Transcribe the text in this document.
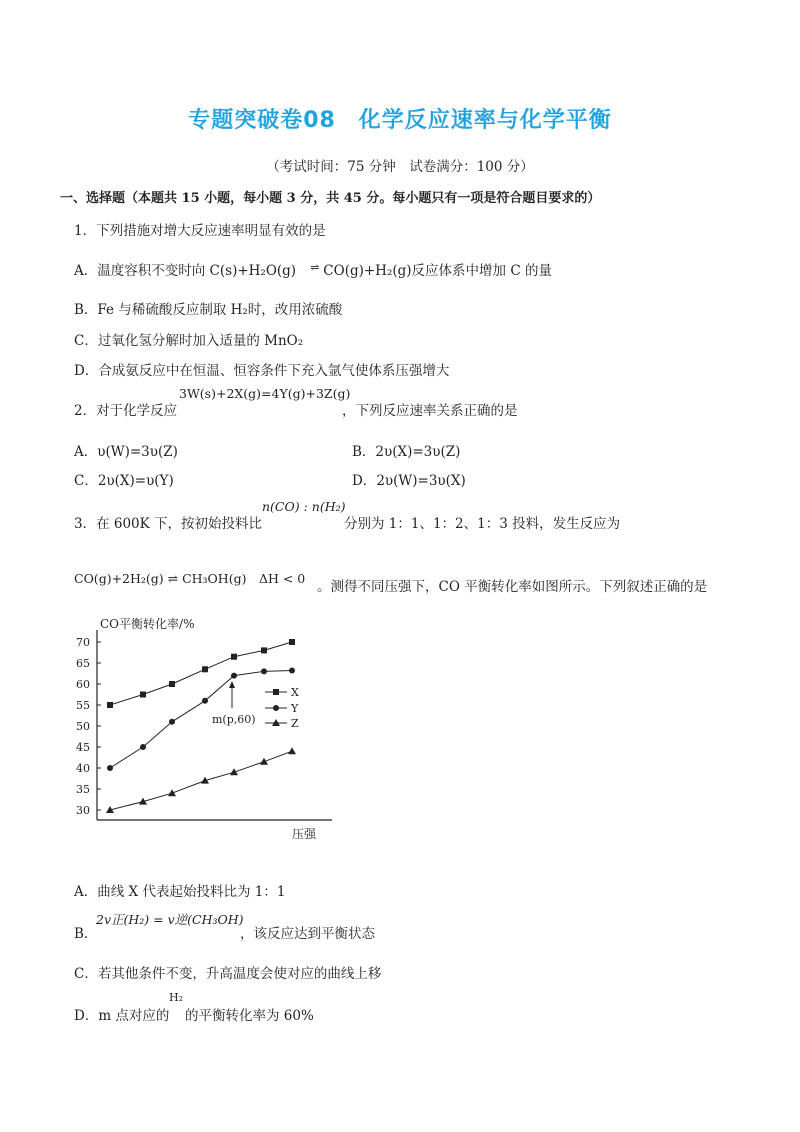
专题突破卷08　化学反应速率与化学平衡
（考试时间：75 分钟　试卷满分：100 分）
一、选择题（本题共 15 小题，每小题 3 分，共 45 分。每小题只有一项是符合题目要求的）
1．下列措施对增大反应速率明显有效的是
A．温度容积不变时向 C(s)+H₂O(g) ⇌ CO(g)+H₂(g)反应体系中增加 C 的量
B．Fe 与稀硫酸反应制取 H₂时，改用浓硫酸
C．过氧化氢分解时加入适量的 MnO₂
D．合成氨反应中在恒温、恒容条件下充入氩气使体系压强增大
3W(s)+2X(g)=4Y(g)+3Z(g)
2．对于化学反应	，下列反应速率关系正确的是
A．υ(W)=3υ(Z)	B．2υ(X)=3υ(Z)
C．2υ(X)=υ(Y)	D．2υ(W)=3υ(X)
3．在 600K 下，按初始投料比
n(CO) : n(H₂)
分别为 1：1、1：2、1：3 投料，发生反应为
CO(g)+2H₂(g) ⇌ CH₃OH(g)　ΔH < 0
。测得不同压强下，CO 平衡转化率如图所示。下列叙述正确的是
CO平衡转化率/%
70
65
60
55
50
45
40
35
30
压强
X
Y
Z
m(p,60)
A．曲线 X 代表起始投料比为 1：1
B．
2v正(H₂) = v逆(CH₃OH)
，该反应达到平衡状态
C．若其他条件不变，升高温度会使对应的曲线上移
D．m 点对应的
H₂
的平衡转化率为 60%
